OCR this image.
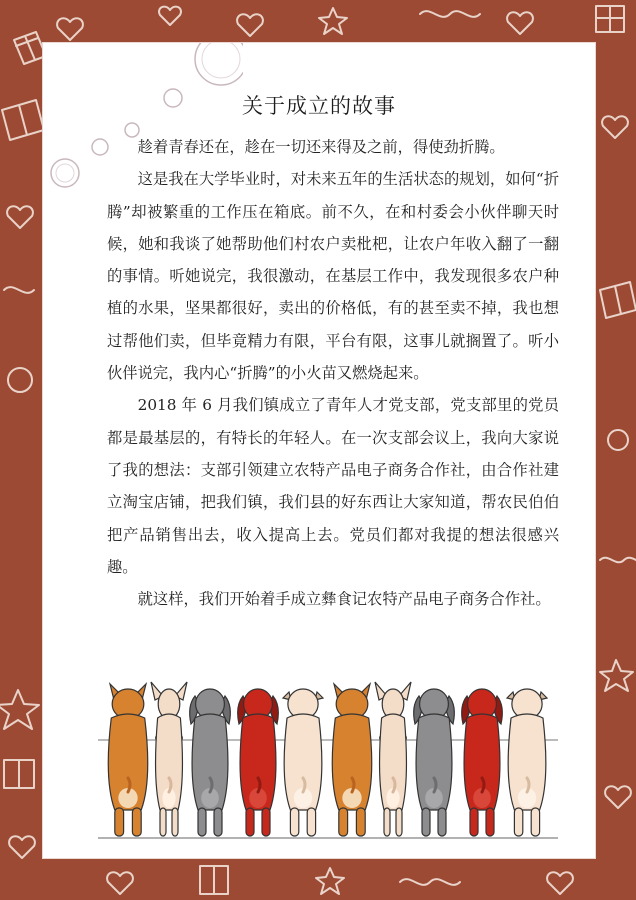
关于成立的故事

趁着青春还在，趁在一切还来得及之前，得使劲折腾。

这是我在大学毕业时，对未来五年的生活状态的规划，如何“折腾”却被繁重的工作压在箱底。前不久，在和村委会小伙伴聊天时候，她和我谈了她帮助他们村农户卖枇杷，让农户年收入翻了一翻的事情。听她说完，我很激动，在基层工作中，我发现很多农户种植的水果，坚果都很好，卖出的价格低，有的甚至卖不掉，我也想过帮他们卖，但毕竟精力有限，平台有限，这事儿就搁置了。听小伙伴说完，我内心“折腾”的小火苗又燃烧起来。

2018 年 6 月我们镇成立了青年人才党支部，党支部里的党员都是最基层的，有特长的年轻人。在一次支部会议上，我向大家说了我的想法：支部引领建立农特产品电子商务合作社，由合作社建立淘宝店铺，把我们镇，我们县的好东西让大家知道，帮农民伯伯把产品销售出去，收入提高上去。党员们都对我提的想法很感兴趣。

就这样，我们开始着手成立彝食记农特产品电子商务合作社。
